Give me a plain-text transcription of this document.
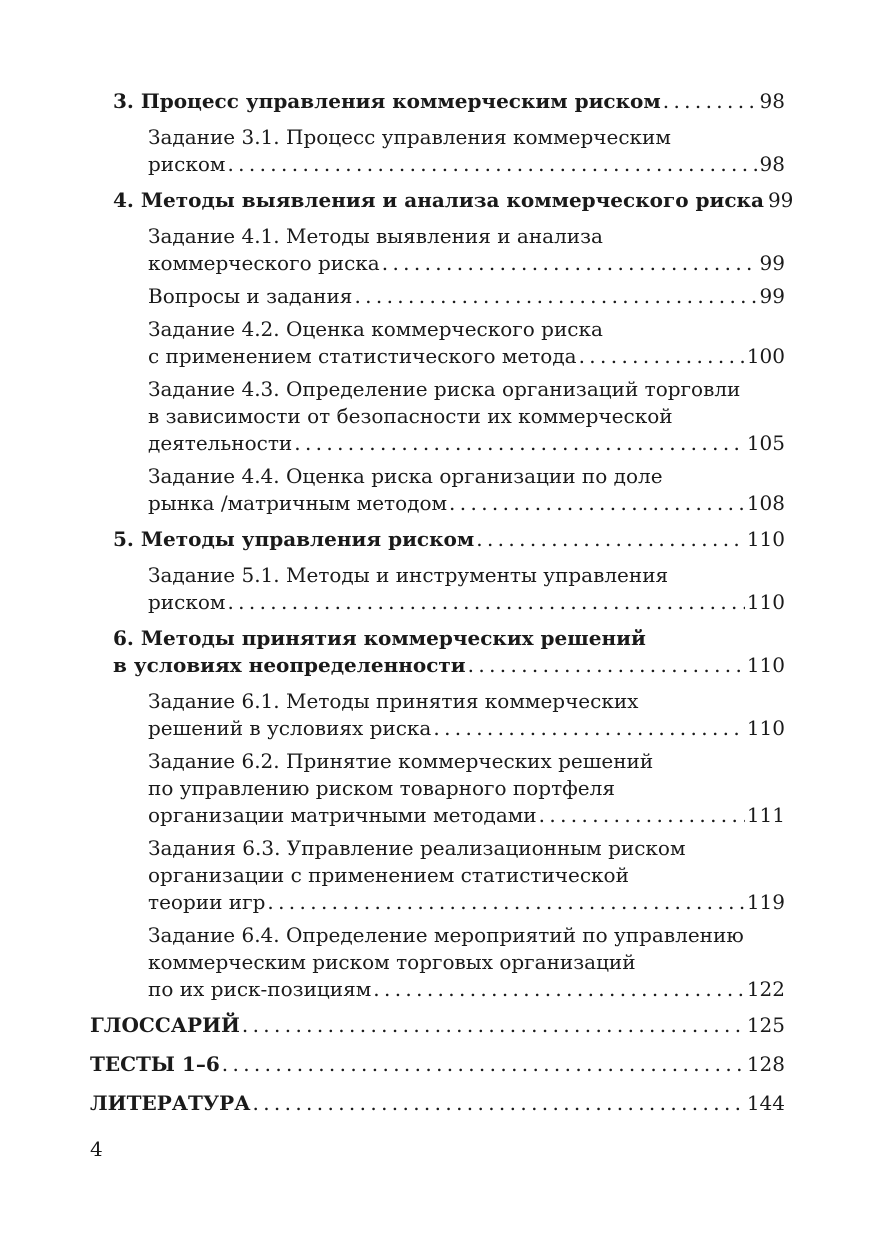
3. Процесс управления коммерческим риском . . .	98
Задание 3.1. Процесс управления коммерческим
риском . . .	98
4. Методы выявления и анализа коммерческого риска 99
Задание 4.1. Методы выявления и анализа
коммерческого риска . . .	99
Вопросы и задания . . .	99
Задание 4.2. Оценка коммерческого риска
с применением статистического метода . . .	100
Задание 4.3. Определение риска организаций торговли
в зависимости от безопасности их коммерческой
деятельности . . .	105
Задание 4.4. Оценка риска организации по доле
рынка /матричным методом . . .	108
5. Методы управления риском . . .	110
Задание 5.1. Методы и инструменты управления
риском . . .	110
6. Методы принятия коммерческих решений
в условиях неопределенности . . .	110
Задание 6.1. Методы принятия коммерческих
решений в условиях риска . . .	110
Задание 6.2. Принятие коммерческих решений
по управлению риском товарного портфеля
организации матричными методами . . .	111
Задания 6.3. Управление реализационным риском
организации с применением статистической
теории игр . . .	119
Задание 6.4. Определение мероприятий по управлению
коммерческим риском торговых организаций
по их риск-позициям . . .	122
ГЛОССАРИЙ . . .	125
ТЕСТЫ 1–6 . . .	128
ЛИТЕРАТУРА . . .	144
4
